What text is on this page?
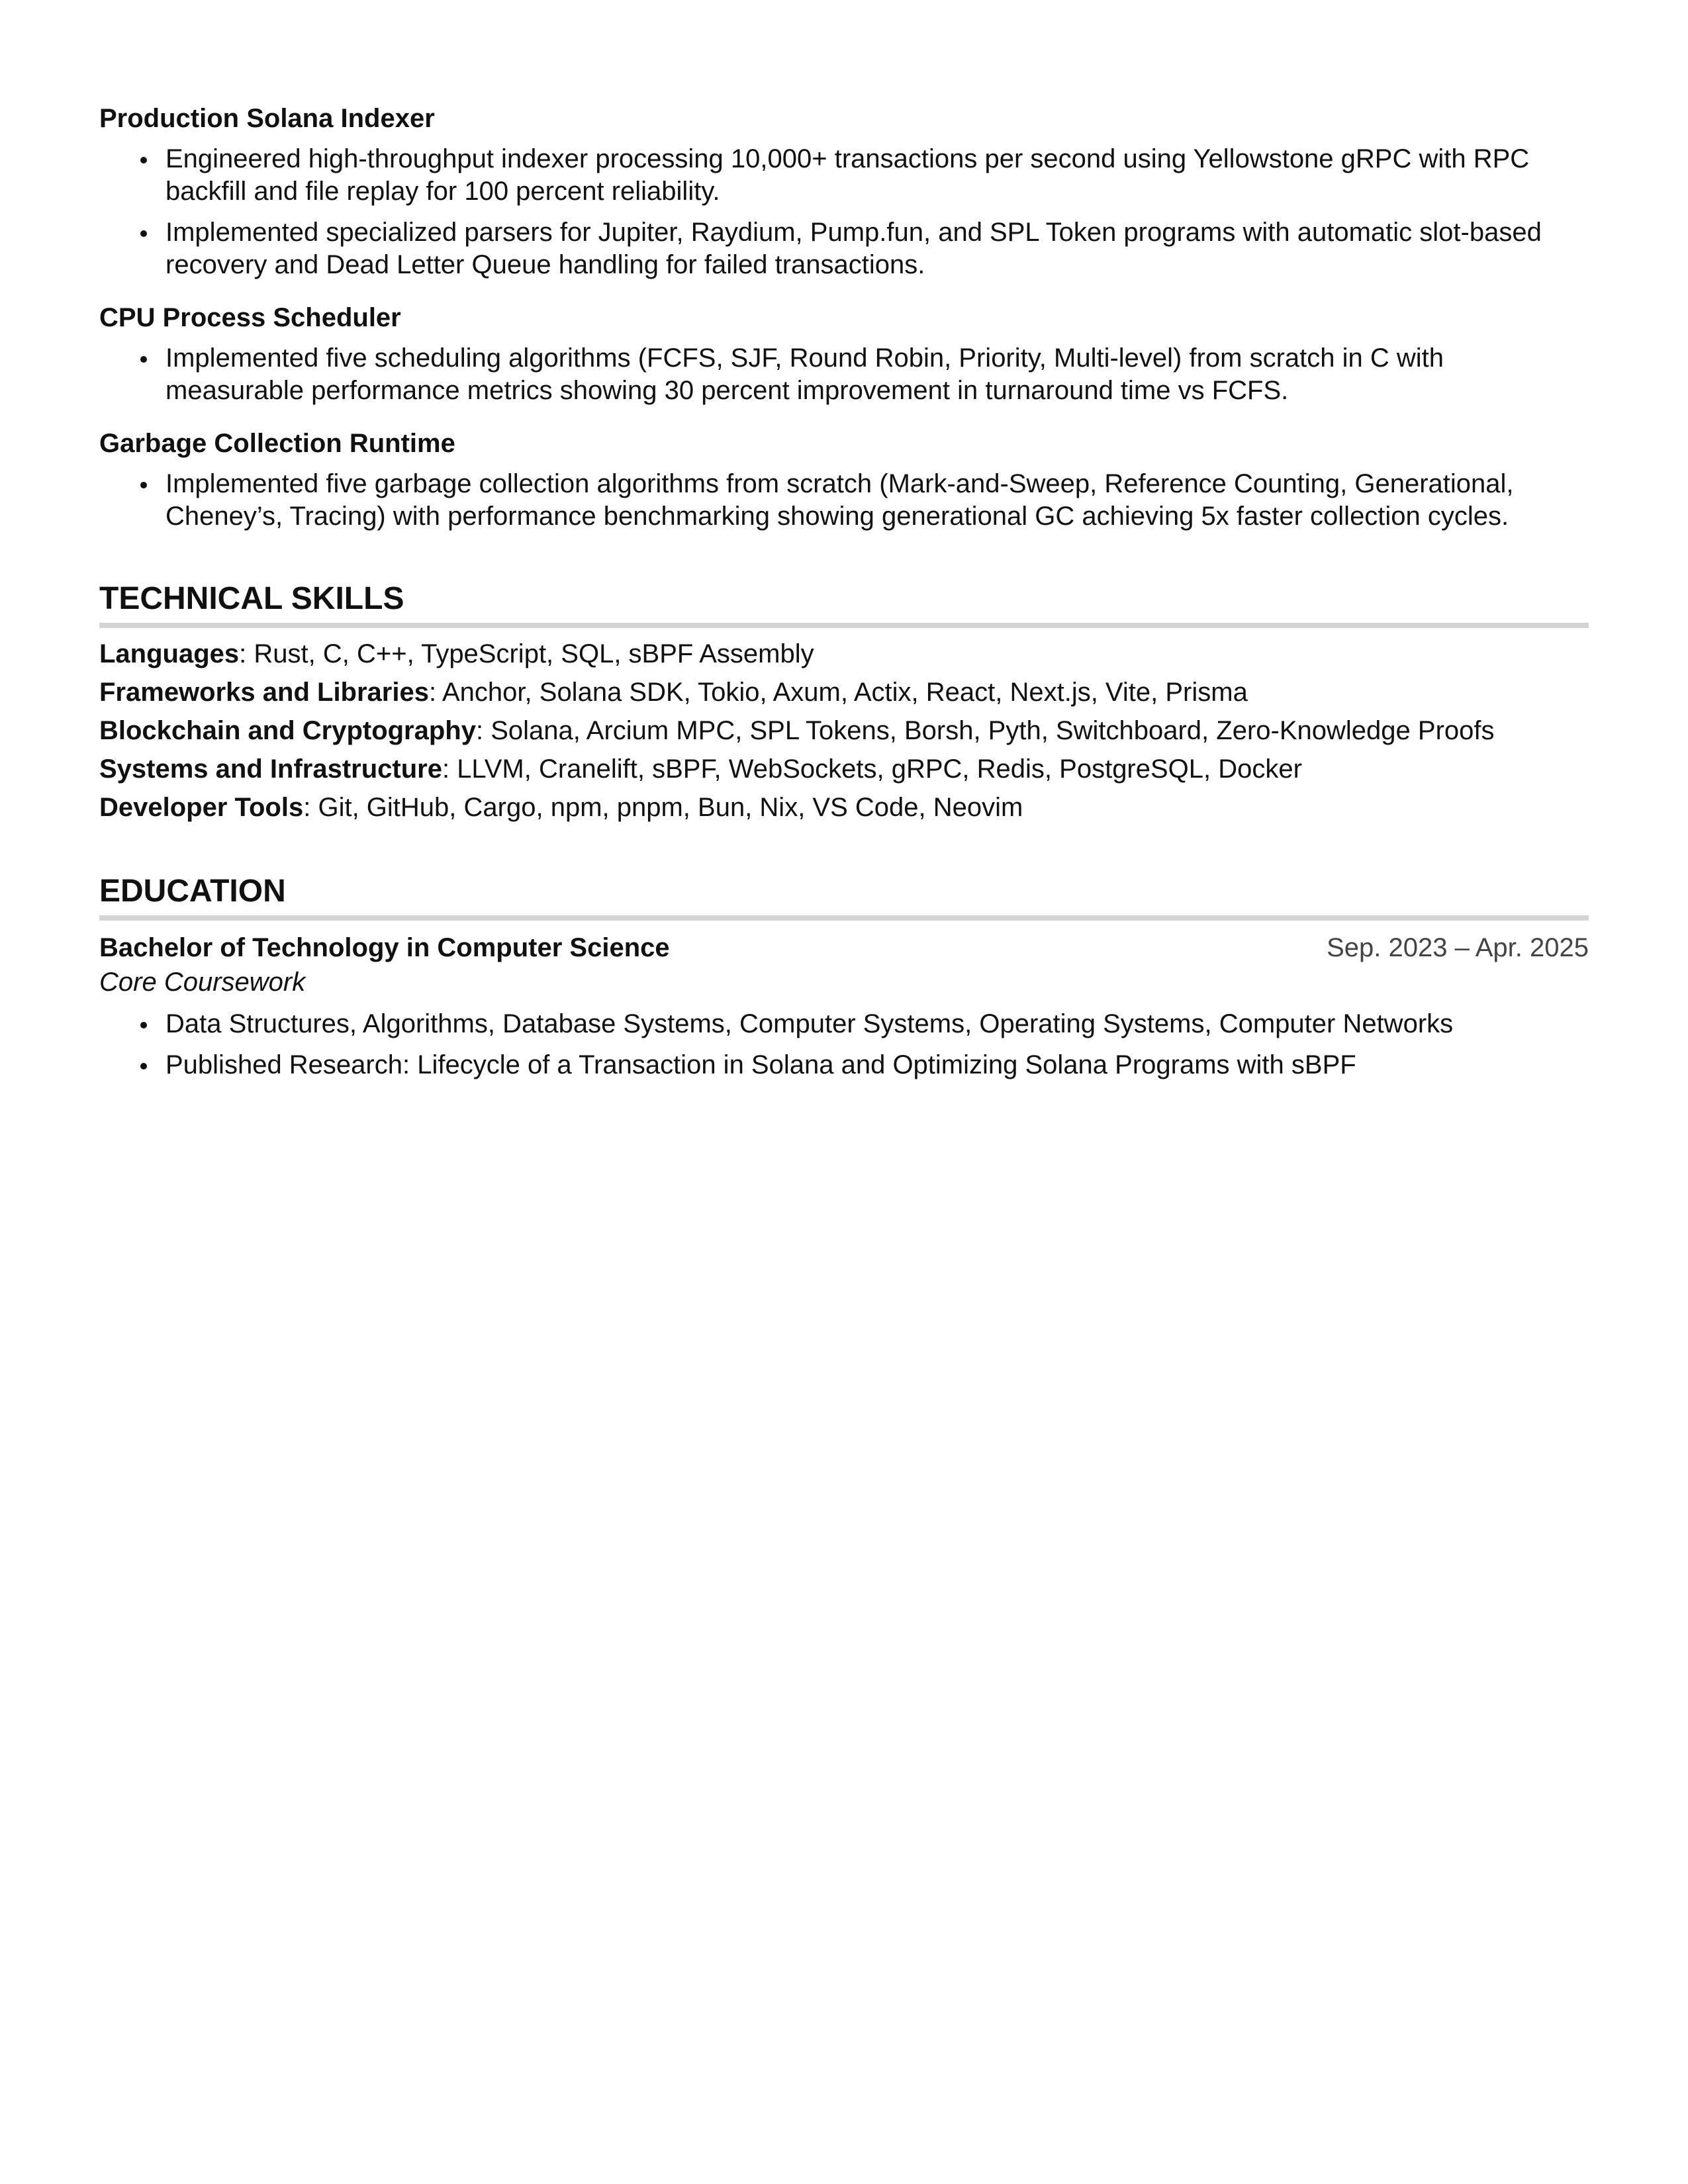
Production Solana Indexer
Engineered high-throughput indexer processing 10,000+ transactions per second using Yellowstone gRPC with RPC backfill and file replay for 100 percent reliability.
Implemented specialized parsers for Jupiter, Raydium, Pump.fun, and SPL Token programs with automatic slot-based recovery and Dead Letter Queue handling for failed transactions.
CPU Process Scheduler
Implemented five scheduling algorithms (FCFS, SJF, Round Robin, Priority, Multi-level) from scratch in C with measurable performance metrics showing 30 percent improvement in turnaround time vs FCFS.
Garbage Collection Runtime
Implemented five garbage collection algorithms from scratch (Mark-and-Sweep, Reference Counting, Generational, Cheney’s, Tracing) with performance benchmarking showing generational GC achieving 5x faster collection cycles.
TECHNICAL SKILLS
Languages: Rust, C, C++, TypeScript, SQL, sBPF Assembly
Frameworks and Libraries: Anchor, Solana SDK, Tokio, Axum, Actix, React, Next.js, Vite, Prisma
Blockchain and Cryptography: Solana, Arcium MPC, SPL Tokens, Borsh, Pyth, Switchboard, Zero-Knowledge Proofs
Systems and Infrastructure: LLVM, Cranelift, sBPF, WebSockets, gRPC, Redis, PostgreSQL, Docker
Developer Tools: Git, GitHub, Cargo, npm, pnpm, Bun, Nix, VS Code, Neovim
EDUCATION
Bachelor of Technology in Computer Science	Sep. 2023 – Apr. 2025
Core Coursework
Data Structures, Algorithms, Database Systems, Computer Systems, Operating Systems, Computer Networks
Published Research: Lifecycle of a Transaction in Solana and Optimizing Solana Programs with sBPF
